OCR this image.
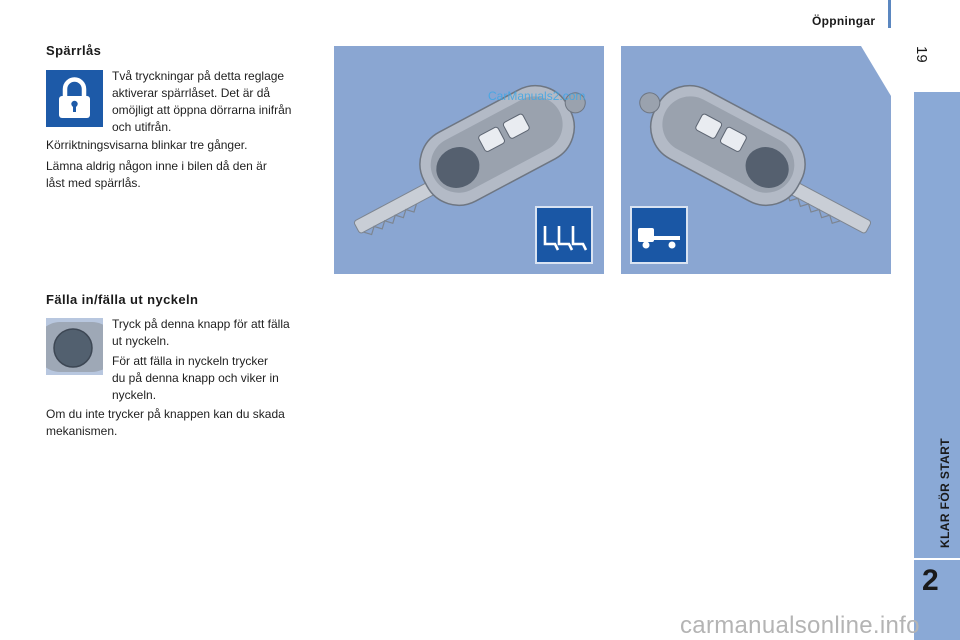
Öppningar
19
KLAR FÖR START
2
Spärrlås
Två tryckningar på detta reglage
aktiverar spärrlåset. Det är då
omöjligt att öppna dörrarna inifrån
och utifrån.
Körriktningsvisarna blinkar tre gånger.
Lämna aldrig någon inne i bilen då den är
låst med spärrlås.
CarManuals2.com
Fälla in/fälla ut nyckeln
Tryck på denna knapp för att fälla
ut nyckeln.
För att fälla in nyckeln trycker
du på denna knapp och viker in
nyckeln.
Om du inte trycker på knappen kan du skada
mekanismen.
carmanualsonline.info
